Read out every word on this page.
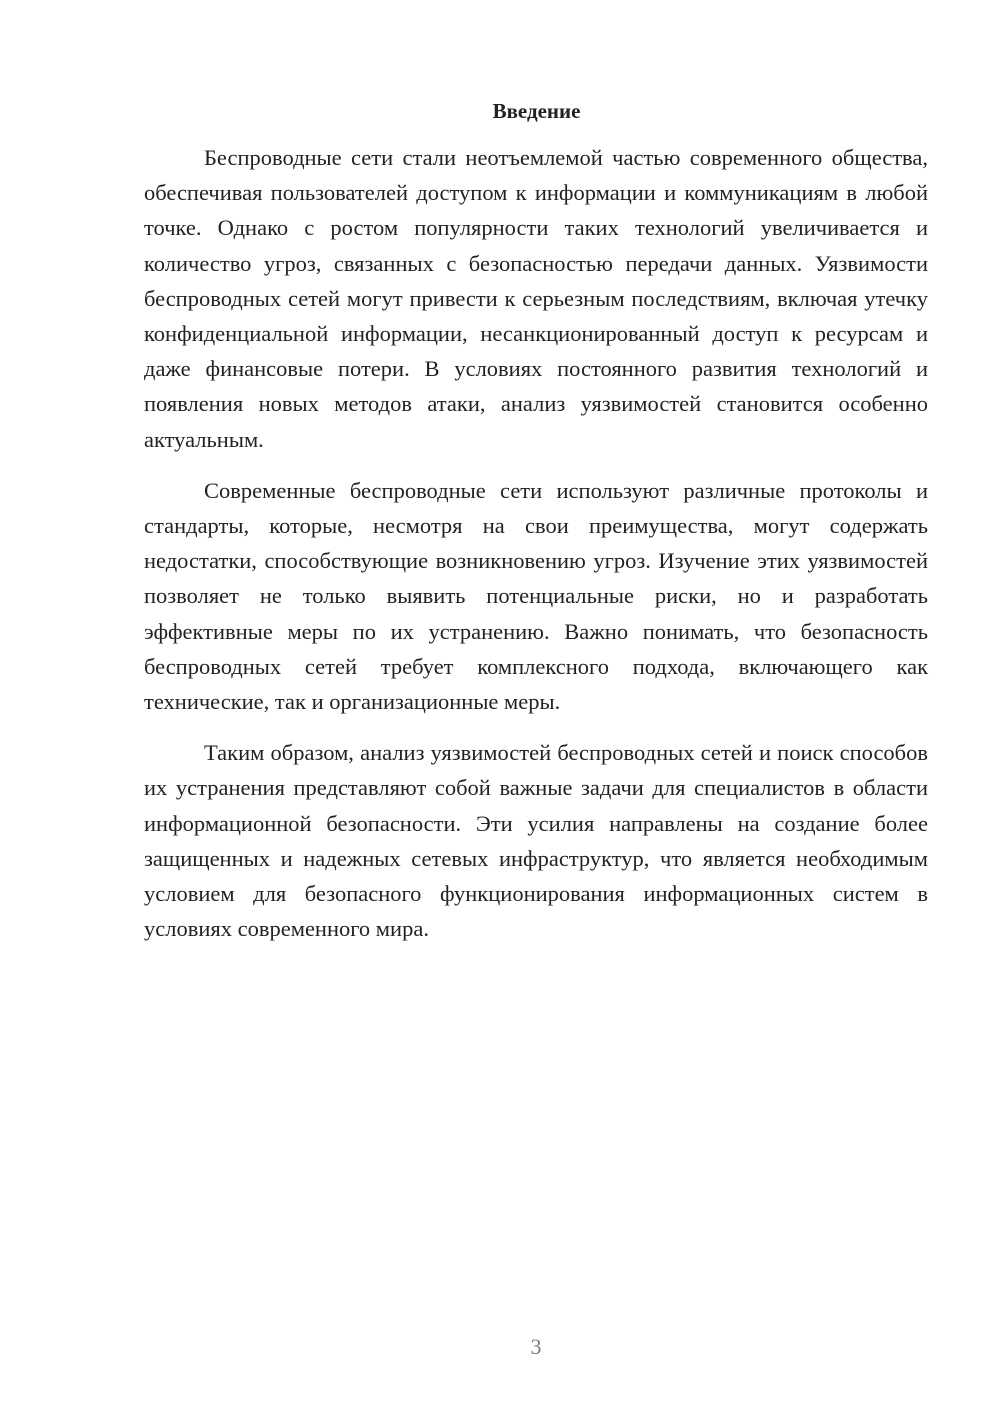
Введение

Беспроводные сети стали неотъемлемой частью современного общества, обеспечивая пользователей доступом к информации и коммуникациям в любой точке. Однако с ростом популярности таких технологий увеличивается и количество угроз, связанных с безопасностью передачи данных. Уязвимости беспроводных сетей могут привести к серьезным последствиям, включая утечку конфиденциальной информации, несанкционированный доступ к ресурсам и даже финансовые потери. В условиях постоянного развития технологий и появления новых методов атаки, анализ уязвимостей становится особенно актуальным.

Современные беспроводные сети используют различные протоколы и стандарты, которые, несмотря на свои преимущества, могут содержать недостатки, способствующие возникновению угроз. Изучение этих уязвимостей позволяет не только выявить потенциальные риски, но и разработать эффективные меры по их устранению. Важно понимать, что безопасность беспроводных сетей требует комплексного подхода, включающего как технические, так и организационные меры.

Таким образом, анализ уязвимостей беспроводных сетей и поиск способов их устранения представляют собой важные задачи для специалистов в области информационной безопасности. Эти усилия направлены на создание более защищенных и надежных сетевых инфраструктур, что является необходимым условием для безопасного функционирования информационных систем в условиях современного мира.

3
